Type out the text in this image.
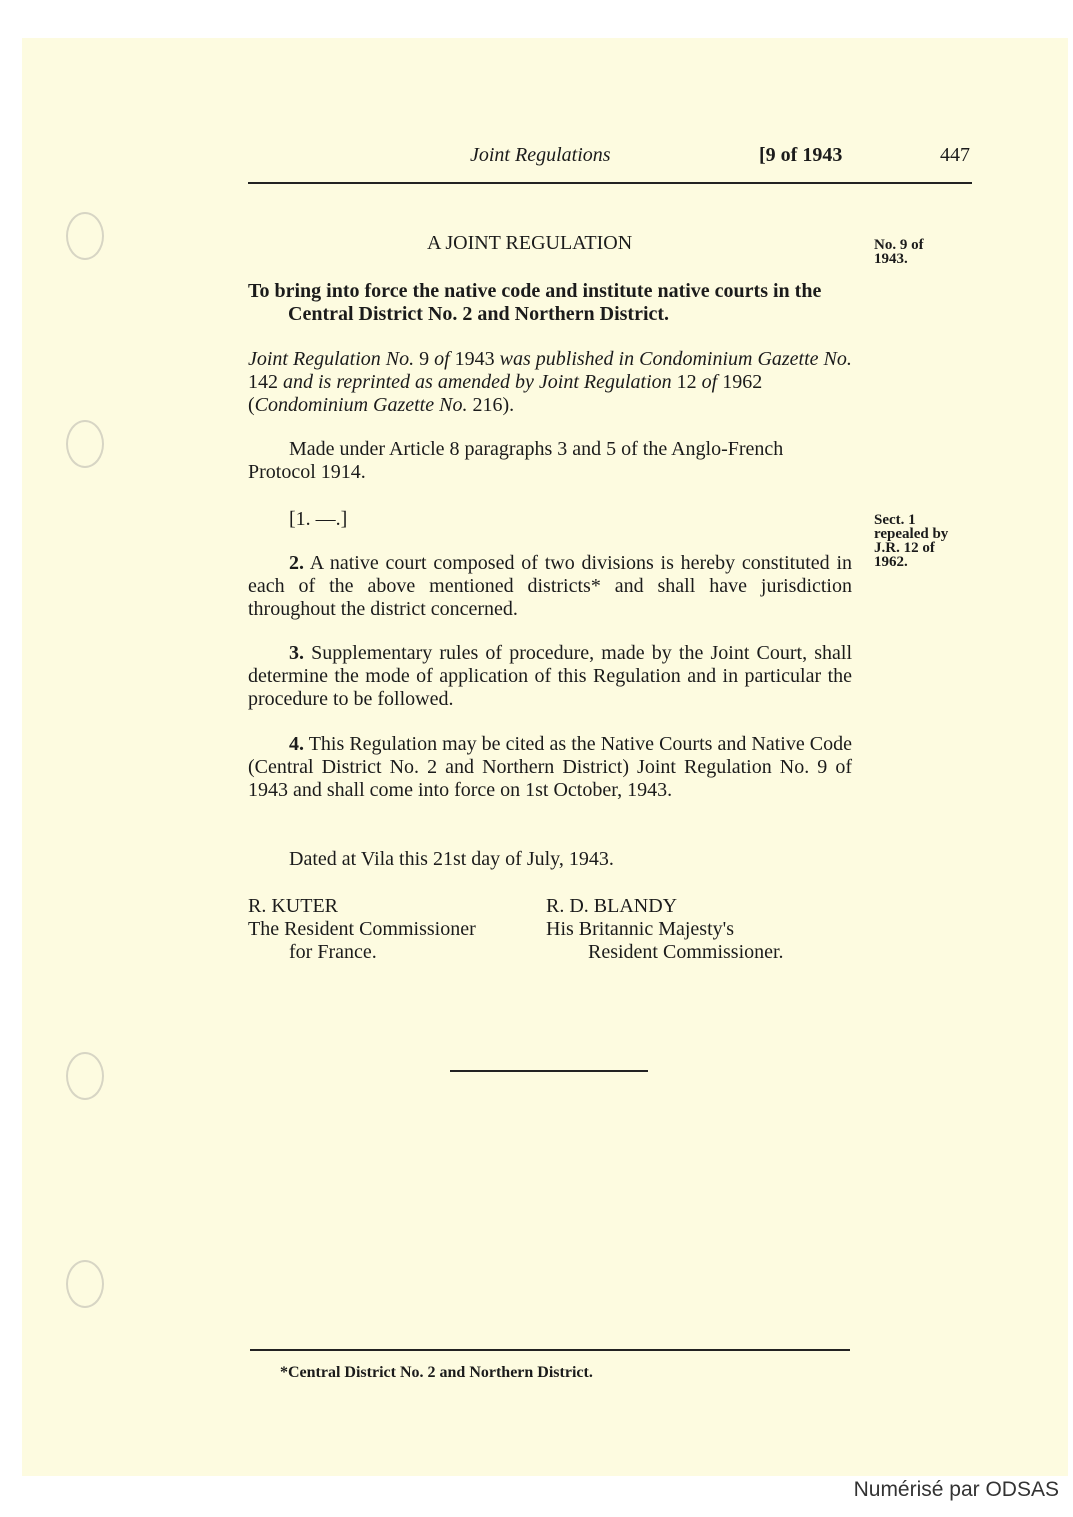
Joint Regulations	[9 of 1943	447
A JOINT REGULATION	No. 9 of
1943.
To bring into force the native code and institute native courts in the Central District No. 2 and Northern District.
Joint Regulation No. 9 of 1943 was published in Condominium Gazette No. 142 and is reprinted as amended by Joint Regulation 12 of 1962 (Condominium Gazette No. 216).

Made under Article 8 paragraphs 3 and 5 of the Anglo-French Protocol 1914.

[1. —.]	Sect. 1
repealed by
J.R. 12 of
1962.

2. A native court composed of two divisions is hereby constituted in each of the above mentioned districts* and shall have jurisdiction throughout the district concerned.

3. Supplementary rules of procedure, made by the Joint Court, shall determine the mode of application of this Regulation and in particular the procedure to be followed.

4. This Regulation may be cited as the Native Courts and Native Code (Central District No. 2 and Northern District) Joint Regulation No. 9 of 1943 and shall come into force on 1st October, 1943.

Dated at Vila this 21st day of July, 1943.
R. KUTER
The Resident Commissioner
for France.
R. D. BLANDY
His Britannic Majesty's
Resident Commissioner.
*Central District No. 2 and Northern District.
Numérisé par ODSAS
